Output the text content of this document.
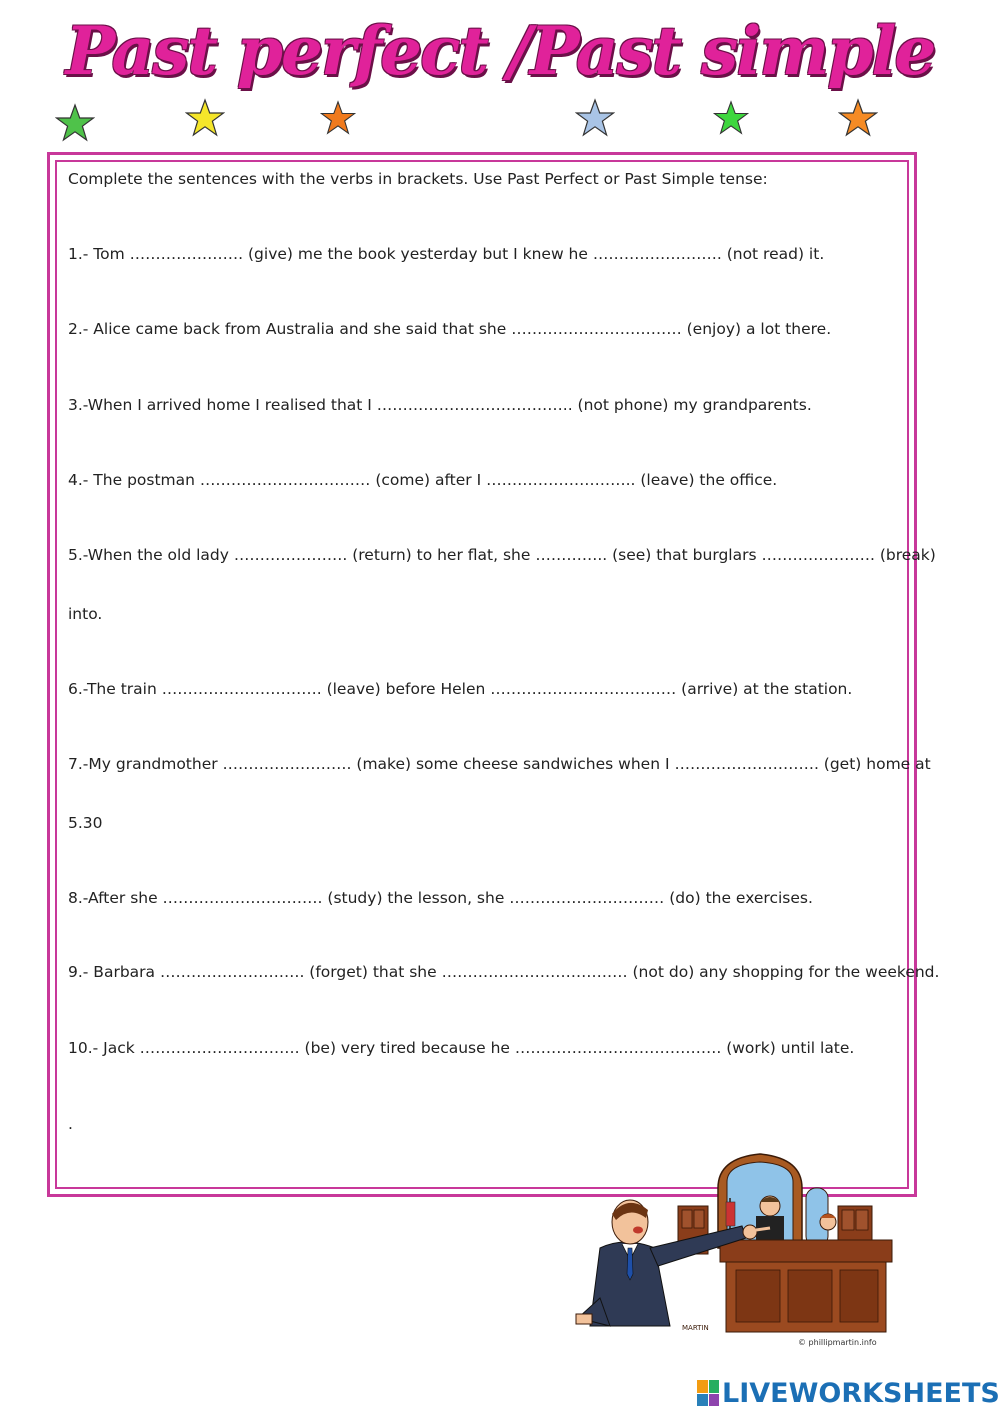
Past perfect /Past simple
Complete the sentences with the verbs in brackets. Use Past Perfect or Past Simple tense:
1.- Tom …………………. (give) me the book yesterday but I knew he ……………………. (not read) it.
2.- Alice came back from Australia and she said that she …………………………… (enjoy) a lot there.
3.-When I arrived home I realised that I ……………………………….. (not phone) my grandparents.
4.- The postman …………………………… (come) after I ……………………….. (leave) the office.
5.-When the old lady …………………. (return) to her flat, she ………….. (see) that burglars …………………. (break)
into.
6.-The train …………………………. (leave) before Helen ……………………………… (arrive) at the station.
7.-My grandmother ……………………. (make) some cheese sandwiches when I ………………………. (get) home at
5.30
8.-After she …………………………. (study) the lesson, she ………………………… (do) the exercises.
9.- Barbara ………………………. (forget) that she ……………………………… (not do) any shopping for the weekend.
10.- Jack …………………………. (be) very tired because he …………………………………. (work) until late.
.
MARTIN
© phillipmartin.info
LIVEWORKSHEETS
